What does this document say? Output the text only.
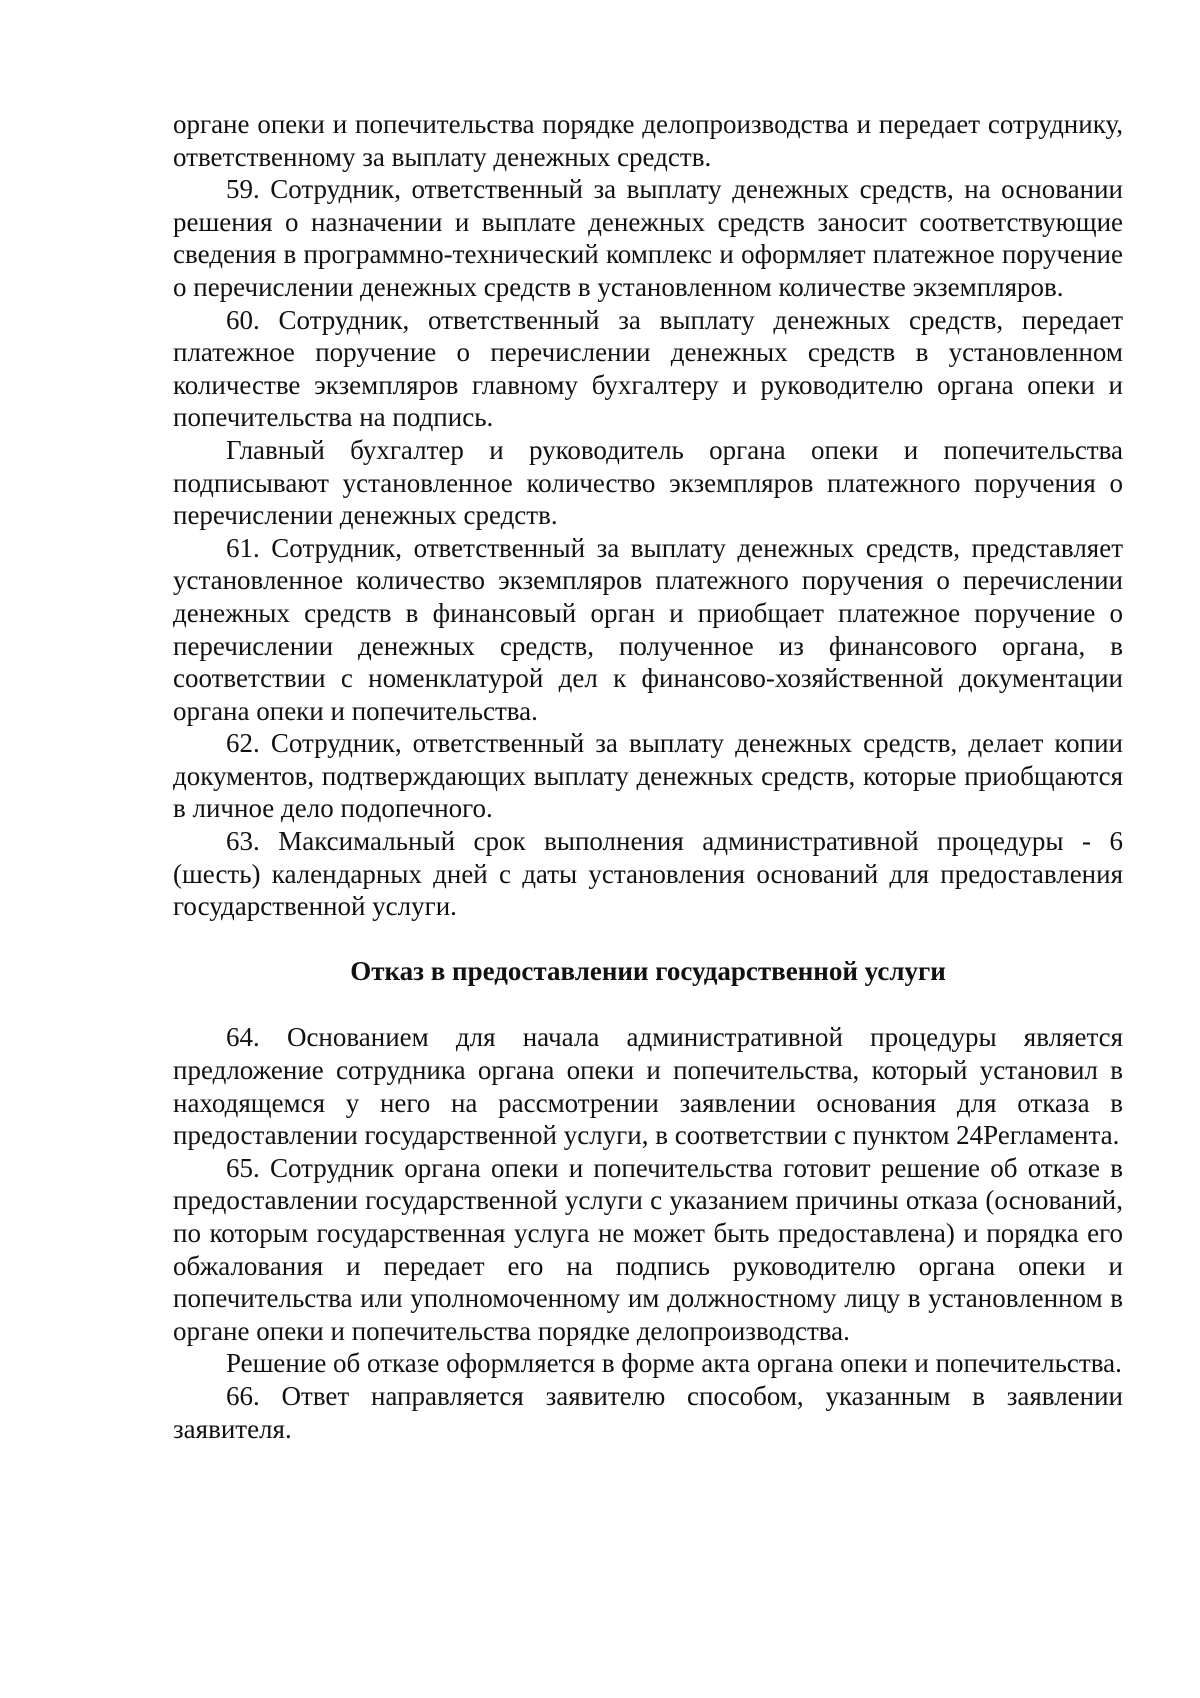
органе опеки и попечительства порядке делопроизводства и передает сотруднику, ответственному за выплату денежных средств.

59. Сотрудник, ответственный за выплату денежных средств, на основании решения о назначении и выплате денежных средств заносит соответствующие сведения в программно-технический комплекс и оформляет платежное поручение о перечислении денежных средств в установленном количестве экземпляров.

60. Сотрудник, ответственный за выплату денежных средств, передает платежное поручение о перечислении денежных средств в установленном количестве экземпляров главному бухгалтеру и руководителю органа опеки и попечительства на подпись.

Главный бухгалтер и руководитель органа опеки и попечительства подписывают установленное количество экземпляров платежного поручения о перечислении денежных средств.

61. Сотрудник, ответственный за выплату денежных средств, представляет установленное количество экземпляров платежного поручения о перечислении денежных средств в финансовый орган и приобщает платежное поручение о перечислении денежных средств, полученное из финансового органа, в соответствии с номенклатурой дел к финансово-хозяйственной документации органа опеки и попечительства.

62. Сотрудник, ответственный за выплату денежных средств, делает копии документов, подтверждающих выплату денежных средств, которые приобщаются в личное дело подопечного.

63. Максимальный срок выполнения административной процедуры - 6 (шесть) календарных дней с даты установления оснований для предоставления государственной услуги.

Отказ в предоставлении государственной услуги

64. Основанием для начала административной процедуры является предложение сотрудника органа опеки и попечительства, который установил в находящемся у него на рассмотрении заявлении основания для отказа в предоставлении государственной услуги, в соответствии с пунктом 24Регламента.

65. Сотрудник органа опеки и попечительства готовит решение об отказе в предоставлении государственной услуги с указанием причины отказа (оснований, по которым государственная услуга не может быть предоставлена) и порядка его обжалования и передает его на подпись руководителю органа опеки и попечительства или уполномоченному им должностному лицу в установленном в органе опеки и попечительства порядке делопроизводства.

Решение об отказе оформляется в форме акта органа опеки и попечительства.

66. Ответ направляется заявителю способом, указанным в заявлении заявителя.
